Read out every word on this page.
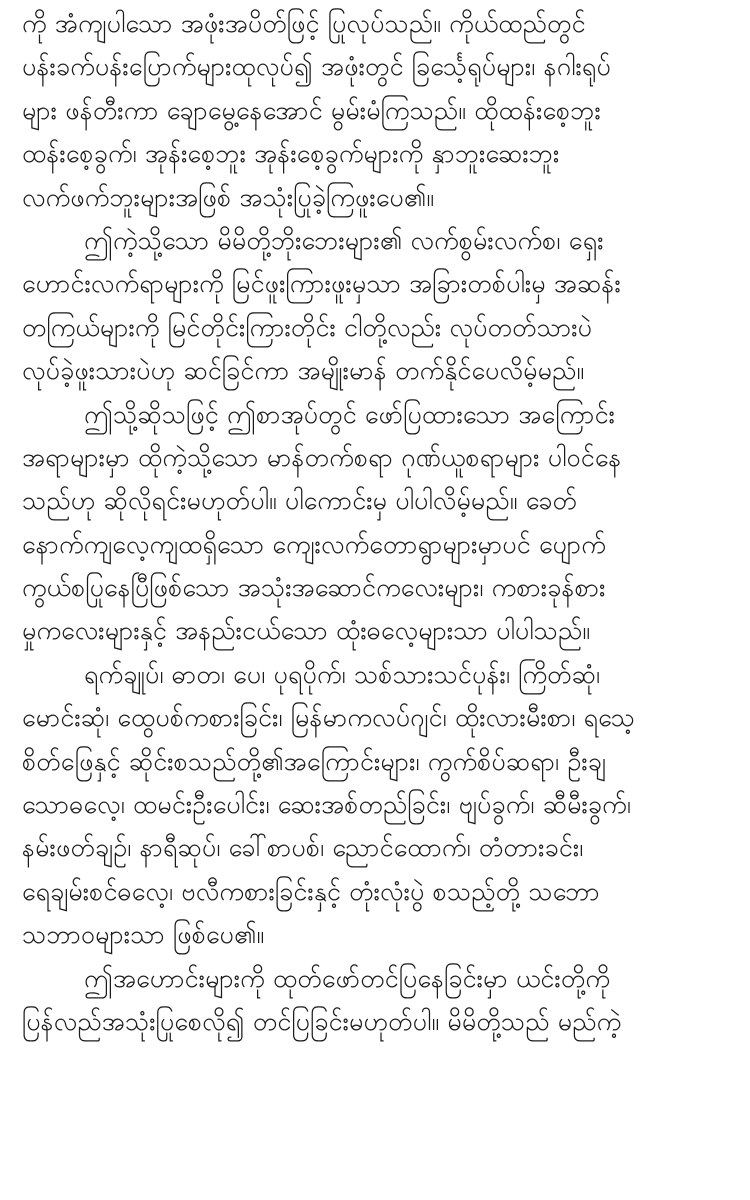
ကို အံကျပါသော အဖုံးအပိတ်ဖြင့် ပြုလုပ်သည်။ ကိုယ်ထည်တွင်
ပန်းခက်ပန်းပြောက်များထုလုပ်၍ အဖုံးတွင် ခြင်္သေ့ရုပ်များ၊ နဂါးရုပ်
များ ဖန်တီးကာ ချောမွေ့နေအောင် မွမ်းမံကြသည်။ ထိုထန်းစေ့ဘူး
ထန်းစေ့ခွက်၊ အုန်းစေ့ဘူး အုန်းစေ့ခွက်များကို နှာဘူးဆေးဘူး
လက်ဖက်ဘူးများအဖြစ် အသုံးပြုခဲ့ကြဖူးပေ၏။
ဤကဲ့သို့သော မိမိတို့ဘိုးဘေးများ၏ လက်စွမ်းလက်စ၊ ရှေး
ဟောင်းလက်ရာများကို မြင်ဖူးကြားဖူးမှသာ အခြားတစ်ပါးမှ အဆန်း
တကြယ်များကို မြင်တိုင်းကြားတိုင်း ငါတို့လည်း လုပ်တတ်သားပဲ
လုပ်ခဲ့ဖူးသားပဲဟု ဆင်ခြင်ကာ အမျိုးမာန် တက်နိုင်ပေလိမ့်မည်။
ဤသို့ဆိုသဖြင့် ဤစာအုပ်တွင် ဖော်ပြထားသော အကြောင်း
အရာများမှာ ထိုကဲ့သို့သော မာန်တက်စရာ ဂုဏ်ယူစရာများ ပါဝင်နေ
သည်ဟု ဆိုလိုရင်းမဟုတ်ပါ။ ပါကောင်းမှ ပါပါလိမ့်မည်။ ခေတ်
နောက်ကျလေ့ကျထရှိသော ကျေးလက်တောရွာများမှာပင် ပျောက်
ကွယ်စပြုနေပြီဖြစ်သော အသုံးအဆောင်ကလေးများ၊ ကစားခုန်စား
မှုကလေးများနှင့် အနည်းငယ်သော ထုံးဓလေ့များသာ ပါပါသည်။
ရက်ချုပ်၊ ဓာတ၊ ပေ၊ ပုရပိုက်၊ သစ်သားသင်ပုန်း၊ ကြိတ်ဆုံ၊
မောင်းဆုံ၊ ထွေပစ်ကစားခြင်း၊ မြန်မာကလပ်ဂျင်၊ ထိုးလားမီးစာ၊ ရသေ့
စိတ်ဖြေနှင့် ဆိုင်းစသည်တို့၏အကြောင်းများ၊ ကွက်စိပ်ဆရာ၊ ဦးချ
သောဓလေ့၊ ထမင်းဦးပေါင်း၊ ဆေးအစ်တည်ခြင်း၊ ဗျပ်ခွက်၊ ဆီမီးခွက်၊
နမ်းဖတ်ချဉ်၊ နာရီဆုပ်၊ ခေါ်စာပစ်၊ ညောင်ထောက်၊ တံတားခင်း၊
ရေချမ်းစင်ဓလေ့၊ ဗလီကစားခြင်းနှင့် တုံးလုံးပွဲ စသည့်တို့ သဘော
သဘာဝများသာ ဖြစ်ပေ၏။
ဤအဟောင်းများကို ထုတ်ဖော်တင်ပြနေခြင်းမှာ ယင်းတို့ကို
ပြန်လည်အသုံးပြုစေလို၍ တင်ပြခြင်းမဟုတ်ပါ။ မိမိတို့သည် မည်ကဲ့
